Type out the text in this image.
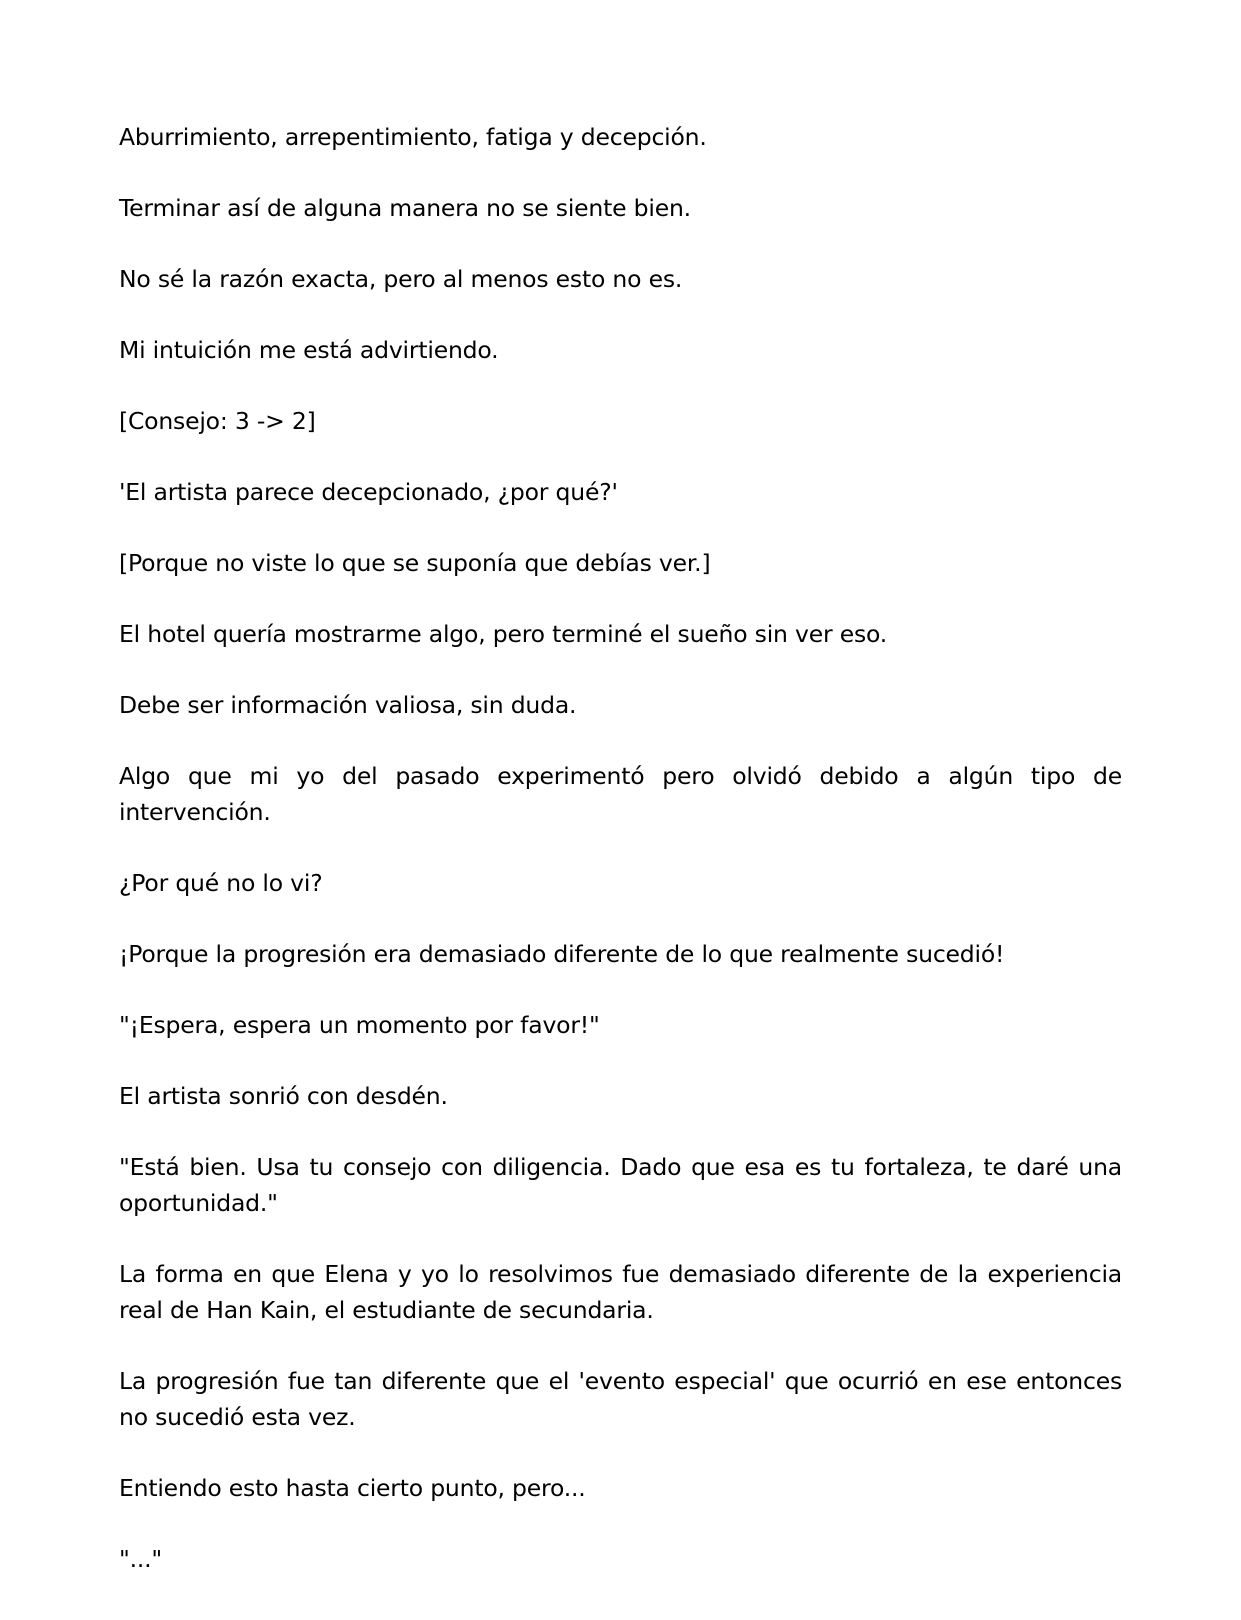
Aburrimiento, arrepentimiento, fatiga y decepción.

Terminar así de alguna manera no se siente bien.

No sé la razón exacta, pero al menos esto no es.

Mi intuición me está advirtiendo.

[Consejo: 3 -> 2]

'El artista parece decepcionado, ¿por qué?'

[Porque no viste lo que se suponía que debías ver.]

El hotel quería mostrarme algo, pero terminé el sueño sin ver eso.

Debe ser información valiosa, sin duda.

Algo que mi yo del pasado experimentó pero olvidó debido a algún tipo de intervención.

¿Por qué no lo vi?

¡Porque la progresión era demasiado diferente de lo que realmente sucedió!

"¡Espera, espera un momento por favor!"

El artista sonrió con desdén.

"Está bien. Usa tu consejo con diligencia. Dado que esa es tu fortaleza, te daré una oportunidad."

La forma en que Elena y yo lo resolvimos fue demasiado diferente de la experiencia real de Han Kain, el estudiante de secundaria.

La progresión fue tan diferente que el 'evento especial' que ocurrió en ese entonces no sucedió esta vez.

Entiendo esto hasta cierto punto, pero...

"..."
